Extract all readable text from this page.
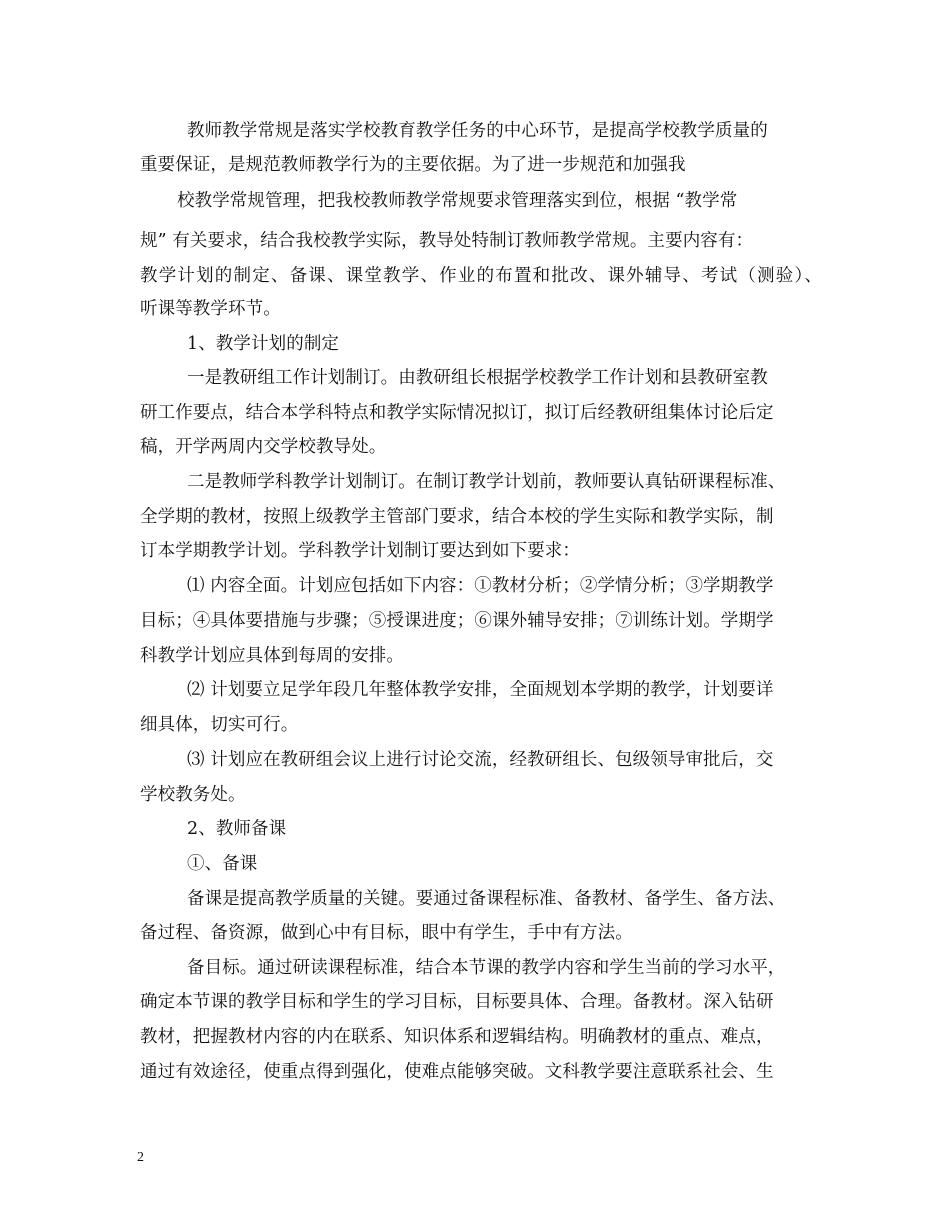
教师教学常规是落实学校教育教学任务的中心环节，是提高学校教学质量的
重要保证，是规范教师教学行为的主要依据。为了进一步规范和加强我
校教学常规管理，把我校教师教学常规要求管理落实到位，根据 “教学常
规” 有关要求，结合我校教学实际，教导处特制订教师教学常规。主要内容有：
教学计划的制定、备课、课堂教学、作业的布置和批改、课外辅导、考试（测验）、
听课等教学环节。
1、教学计划的制定
一是教研组工作计划制订。由教研组长根据学校教学工作计划和县教研室教
研工作要点，结合本学科特点和教学实际情况拟订，拟订后经教研组集体讨论后定
稿，开学两周内交学校教导处。
二是教师学科教学计划制订。在制订教学计划前，教师要认真钻研课程标准、
全学期的教材，按照上级教学主管部门要求，结合本校的学生实际和教学实际，制
订本学期教学计划。学科教学计划制订要达到如下要求：
⑴ 内容全面。计划应包括如下内容：①教材分析；②学情分析；③学期教学
目标；④具体要措施与步骤；⑤授课进度；⑥课外辅导安排；⑦训练计划。学期学
科教学计划应具体到每周的安排。
⑵ 计划要立足学年段几年整体教学安排，全面规划本学期的教学，计划要详
细具体，切实可行。
⑶ 计划应在教研组会议上进行讨论交流，经教研组长、包级领导审批后，交
学校教务处。
2、教师备课
①、备课
备课是提高教学质量的关键。要通过备课程标准、备教材、备学生、备方法、
备过程、备资源，做到心中有目标，眼中有学生，手中有方法。
备目标。通过研读课程标准，结合本节课的教学内容和学生当前的学习水平，
确定本节课的教学目标和学生的学习目标，目标要具体、合理。备教材。深入钻研
教材，把握教材内容的内在联系、知识体系和逻辑结构。明确教材的重点、难点，
通过有效途径，使重点得到强化，使难点能够突破。文科教学要注意联系社会、生
2
